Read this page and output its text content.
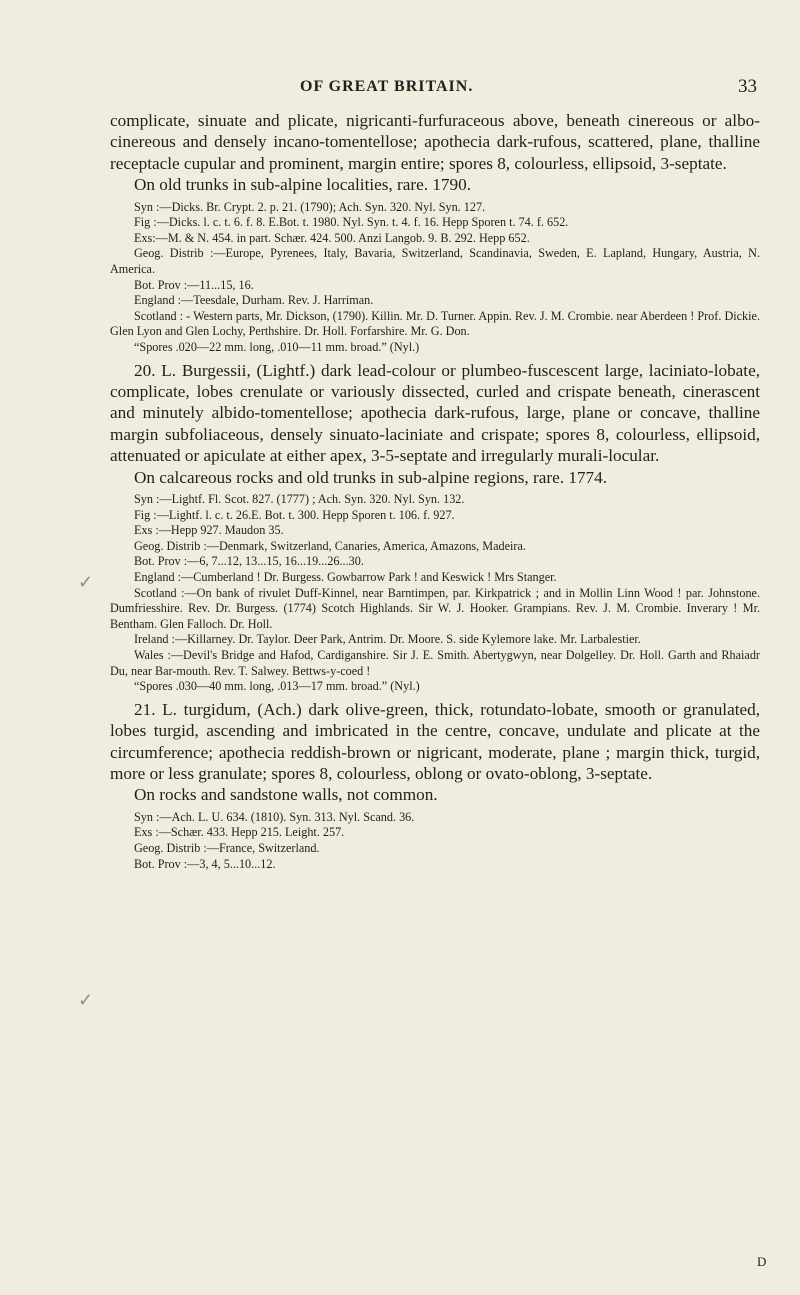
OF GREAT BRITAIN.	33

complicate, sinuate and plicate, nigricanti-furfuraceous above, beneath cinereous or albo-cinereous and densely incano-tomentellose; apothecia dark-rufous, scattered, plane, thalline receptacle cupular and prominent, margin entire; spores 8, colourless, ellipsoid, 3-septate.

On old trunks in sub-alpine localities, rare. 1790.

Syn :—Dicks. Br. Crypt. 2. p. 21. (1790); Ach. Syn. 320. Nyl. Syn. 127.

Fig :—Dicks. l. c. t. 6. f. 8. E.Bot. t. 1980. Nyl. Syn. t. 4. f. 16. Hepp Sporen t. 74. f. 652.

Exs:—M. & N. 454. in part. Schær. 424. 500. Anzi Langob. 9. B. 292. Hepp 652.

Geog. Distrib :—Europe, Pyrenees, Italy, Bavaria, Switzerland, Scandinavia, Sweden, E. Lapland, Hungary, Austria, N. America.

Bot. Prov :—11...15, 16.

England :—Teesdale, Durham. Rev. J. Harriman.

Scotland : - Western parts, Mr. Dickson, (1790). Killin. Mr. D. Turner. Appin. Rev. J. M. Crombie. near Aberdeen ! Prof. Dickie. Glen Lyon and Glen Lochy, Perthshire. Dr. Holl. Forfarshire. Mr. G. Don.

“Spores .020—22 mm. long, .010—11 mm. broad.” (Nyl.)

20. L. Burgessii, (Lightf.) dark lead-colour or plumbeo-fuscescent large, laciniato-lobate, complicate, lobes crenulate or variously dissected, curled and crispate beneath, cinerascent and minutely albido-tomentellose; apothecia dark-rufous, large, plane or concave, thalline margin subfoliaceous, densely sinuato-laciniate and crispate; spores 8, colourless, ellipsoid, attenuated or apiculate at either apex, 3-5-septate and irregularly murali-locular.

On calcareous rocks and old trunks in sub-alpine regions, rare. 1774.

Syn :—Lightf. Fl. Scot. 827. (1777) ; Ach. Syn. 320. Nyl. Syn. 132.

Fig :—Lightf. l. c. t. 26.E. Bot. t. 300. Hepp Sporen t. 106. f. 927.

Exs :—Hepp 927. Maudon 35.

Geog. Distrib :—Denmark, Switzerland, Canaries, America, Amazons, Madeira.

Bot. Prov :—6, 7...12, 13...15, 16...19...26...30.

England :—Cumberland ! Dr. Burgess. Gowbarrow Park ! and Keswick ! Mrs Stanger.

Scotland :—On bank of rivulet Duff-Kinnel, near Barntimpen, par. Kirkpatrick ; and in Mollin Linn Wood ! par. Johnstone. Dumfriesshire. Rev. Dr. Burgess. (1774) Scotch Highlands. Sir W. J. Hooker. Grampians. Rev. J. M. Crombie. Inverary ! Mr. Bentham. Glen Falloch. Dr. Holl.

Ireland :—Killarney. Dr. Taylor. Deer Park, Antrim. Dr. Moore. S. side Kylemore lake. Mr. Larbalestier.

Wales :—Devil's Bridge and Hafod, Cardiganshire. Sir J. E. Smith. Abertygwyn, near Dolgelley. Dr. Holl. Garth and Rhaiadr Du, near Bar-mouth. Rev. T. Salwey. Bettws-y-coed !

“Spores .030—40 mm. long, .013—17 mm. broad.” (Nyl.)

21. L. turgidum, (Ach.) dark olive-green, thick, rotundato-lobate, smooth or granulated, lobes turgid, ascending and imbricated in the centre, concave, undulate and plicate at the circumference; apothecia reddish-brown or nigricant, moderate, plane ; margin thick, turgid, more or less granulate; spores 8, colourless, oblong or ovato-oblong, 3-septate.

On rocks and sandstone walls, not common.

Syn :—Ach. L. U. 634. (1810). Syn. 313. Nyl. Scand. 36.

Exs :—Schær. 433. Hepp 215. Leight. 257.

Geog. Distrib :—France, Switzerland.

Bot. Prov :—3, 4, 5...10...12.

✓
✓
D
